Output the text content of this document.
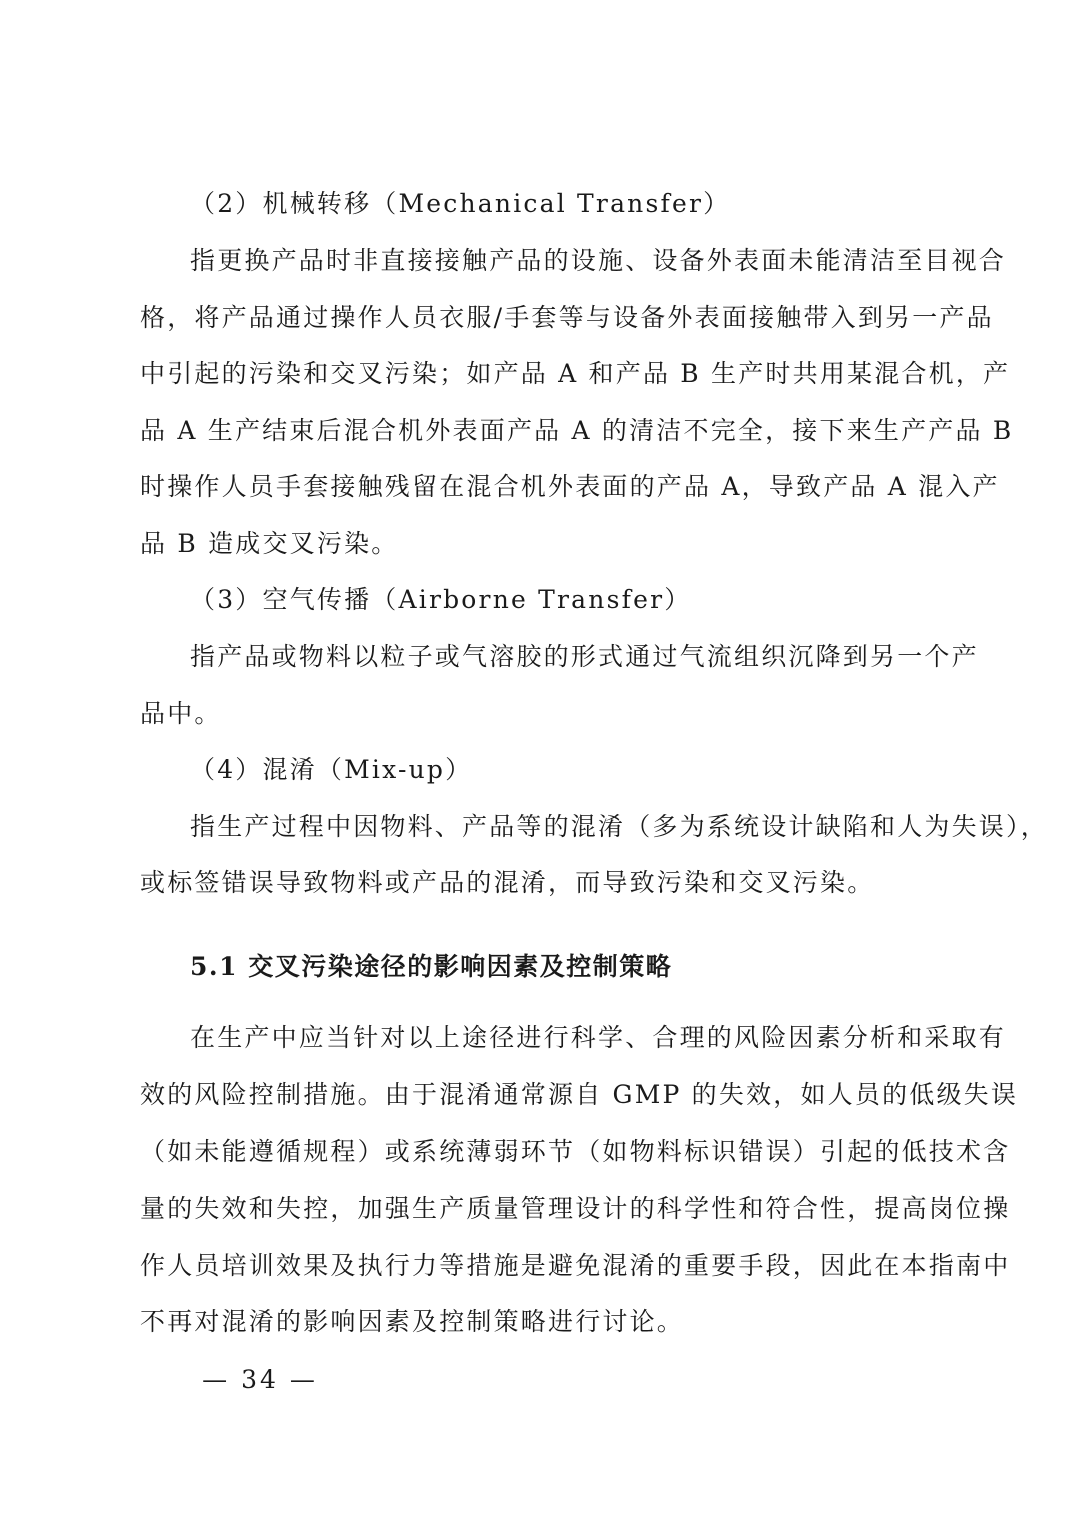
（2）机械转移（Mechanical Transfer）
指更换产品时非直接接触产品的设施、设备外表面未能清洁至目视合
格，将产品通过操作人员衣服/手套等与设备外表面接触带入到另一产品
中引起的污染和交叉污染；如产品 A 和产品 B 生产时共用某混合机，产
品 A 生产结束后混合机外表面产品 A 的清洁不完全，接下来生产产品 B
时操作人员手套接触残留在混合机外表面的产品 A，导致产品 A 混入产
品 B 造成交叉污染。
（3）空气传播（Airborne Transfer）
指产品或物料以粒子或气溶胶的形式通过气流组织沉降到另一个产
品中。
（4）混淆（Mix-up）
指生产过程中因物料、产品等的混淆（多为系统设计缺陷和人为失误），
或标签错误导致物料或产品的混淆，而导致污染和交叉污染。
5.1 交叉污染途径的影响因素及控制策略
在生产中应当针对以上途径进行科学、合理的风险因素分析和采取有
效的风险控制措施。由于混淆通常源自 GMP 的失效，如人员的低级失误
（如未能遵循规程）或系统薄弱环节（如物料标识错误）引起的低技术含
量的失效和失控，加强生产质量管理设计的科学性和符合性，提高岗位操
作人员培训效果及执行力等措施是避免混淆的重要手段，因此在本指南中
不再对混淆的影响因素及控制策略进行讨论。
— 34 —
